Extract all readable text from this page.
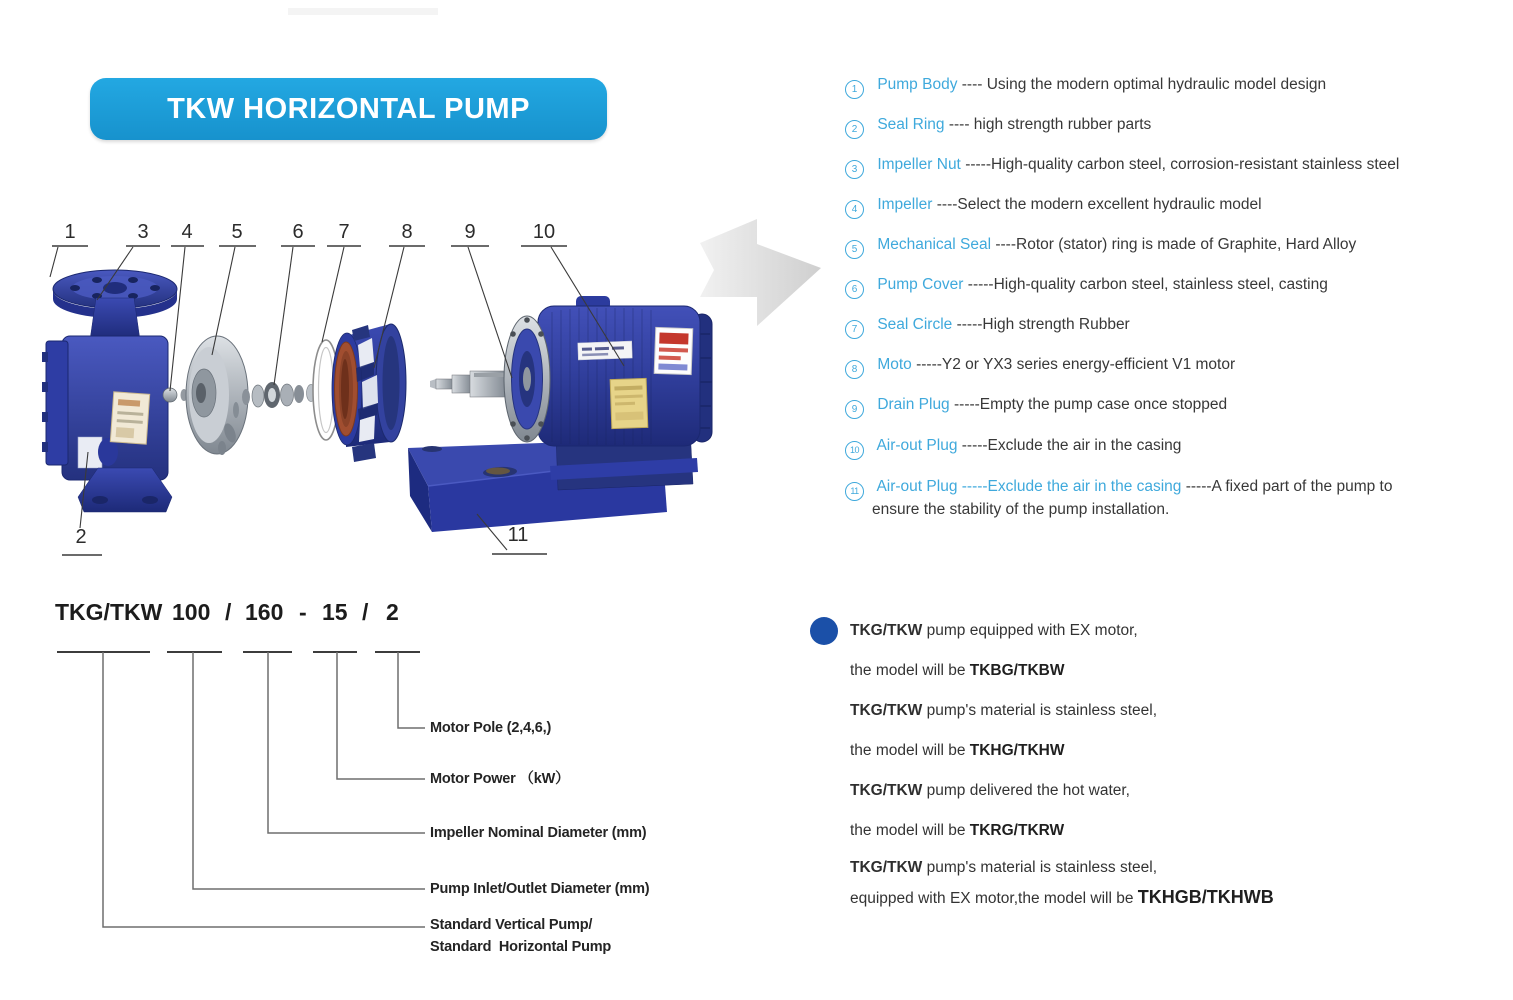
TKW HORIZONTAL PUMP
1	3 4 5 6 7	8	9	10
2	11
1 Pump Body ---- Using the modern optimal hydraulic model design
2 Seal Ring ---- high strength rubber parts
3 Impeller Nut -----High-quality carbon steel, corrosion-resistant stainless steel
4 Impeller ----Select the modern excellent hydraulic model
5 Mechanical Seal ----Rotor (stator) ring is made of Graphite, Hard Alloy
6 Pump Cover -----High-quality carbon steel, stainless steel, casting
7 Seal Circle -----High strength Rubber
8 Moto -----Y2 or YX3 series energy-efficient V1 motor
9 Drain Plug -----Empty the pump case once stopped
10 Air-out Plug -----Exclude the air in the casing
11 Air-out Plug -----Exclude the air in the casing -----A fixed part of the pump to
ensure the stability of the pump installation.
TKG/TKW 100 / 160 - 15 / 2
Motor Pole (2,4,6,)
Motor Power （kW）
Impeller Nominal Diameter (mm)
Pump Inlet/Outlet Diameter (mm)
Standard Vertical Pump/
Standard  Horizontal Pump
TKG/TKW pump equipped with EX motor,
the model will be TKBG/TKBW
TKG/TKW pump's material is stainless steel,
the model will be TKHG/TKHW
TKG/TKW pump delivered the hot water,
the model will be TKRG/TKRW
TKG/TKW pump's material is stainless steel,
equipped with EX motor,the model will be TKHGB/TKHWB
